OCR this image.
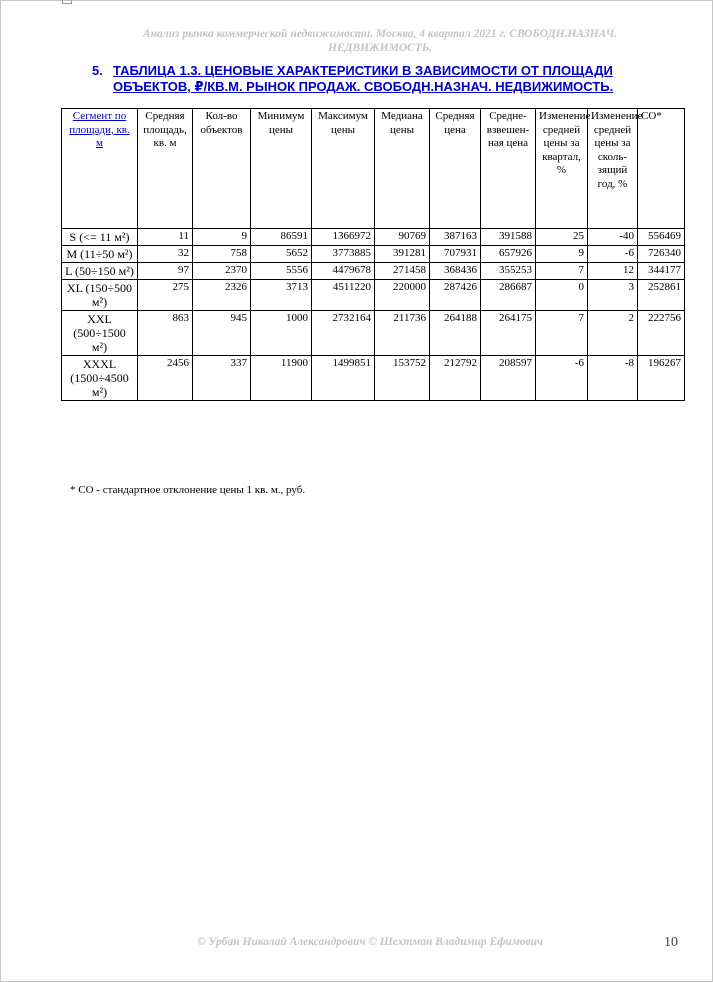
Анализ рынка коммерческой недвижимости. Москва, 4 квартал 2021 г. СВОБОДН.НАЗНАЧ. НЕДВИЖИМОСТЬ.
5. ТАБЛИЦА 1.3. ЦЕНОВЫЕ ХАРАКТЕРИСТИКИ В ЗАВИСИМОСТИ ОТ ПЛОЩАДИ ОБЪЕКТОВ, ₽/КВ.М. РЫНОК ПРОДАЖ. СВОБОДН.НАЗНАЧ. НЕДВИЖИМОСТЬ.
Сегмент по площади, кв. м	Средняя площадь, кв. м	Кол-во объектов	Минимум цены	Максимум цены	Медиана цены	Средняя цена	Средне-взвешен-ная цена	Изменение средней цены за квартал, %	Изменение средней цены за сколь-зящий год, %	СО*
S (<= 11 м²)	11	9	86591	1366972	90769	387163	391588	25	-40	556469
M (11÷50 м²)	32	758	5652	3773885	391281	707931	657926	9	-6	726340
L (50÷150 м²)	97	2370	5556	4479678	271458	368436	355253	7	12	344177
XL (150÷500 м²)	275	2326	3713	4511220	220000	287426	286687	0	3	252861
XXL (500÷1500 м²)	863	945	1000	2732164	211736	264188	264175	7	2	222756
XXXL (1500÷4500 м²)	2456	337	11900	1499851	153752	212792	208597	-6	-8	196267
* СО - стандартное отклонение цены 1 кв. м., руб.
© Урбан Николай Александрович © Шехтман Владимир Ефимович	10
